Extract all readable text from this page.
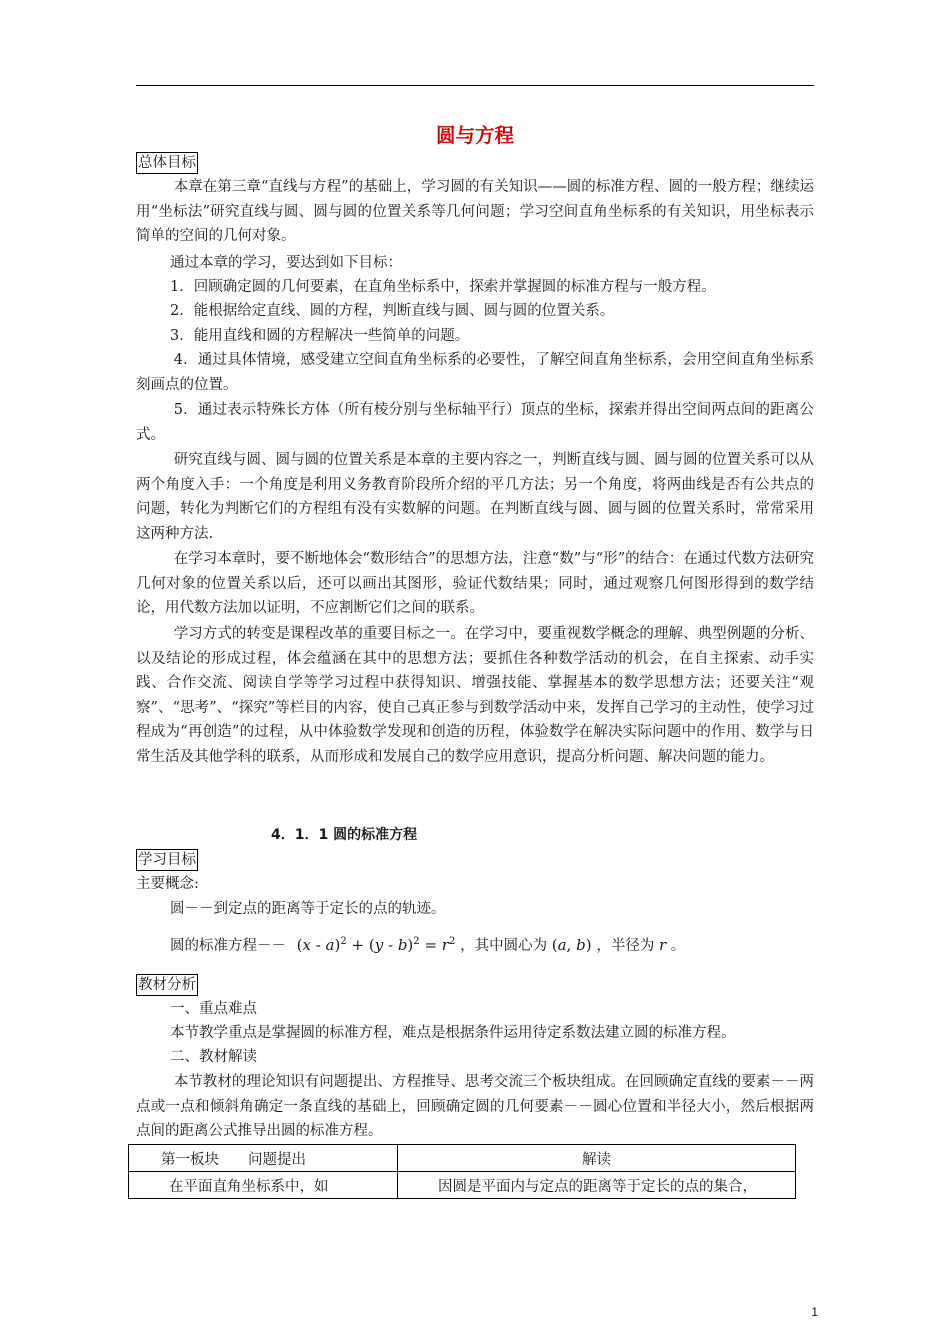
圆与方程
总体目标

本章在第三章“直线与方程”的基础上，学习圆的有关知识——圆的标准方程、圆的一般方程；继续运用“坐标法”研究直线与圆、圆与圆的位置关系等几何问题；学习空间直角坐标系的有关知识，用坐标表示简单的空间的几何对象。

通过本章的学习，要达到如下目标：
1．回顾确定圆的几何要素，在直角坐标系中，探索并掌握圆的标准方程与一般方程。
2．能根据给定直线、圆的方程，判断直线与圆、圆与圆的位置关系。
3．能用直线和圆的方程解决一些简单的问题。

4．通过具体情境，感受建立空间直角坐标系的必要性，了解空间直角坐标系，会用空间直角坐标系刻画点的位置。

5．通过表示特殊长方体（所有棱分别与坐标轴平行）顶点的坐标，探索并得出空间两点间的距离公式。

研究直线与圆、圆与圆的位置关系是本章的主要内容之一，判断直线与圆、圆与圆的位置关系可以从两个角度入手：一个角度是利用义务教育阶段所介绍的平几方法；另一个角度，将两曲线是否有公共点的问题，转化为判断它们的方程组有没有实数解的问题。在判断直线与圆、圆与圆的位置关系时，常常采用这两种方法.

在学习本章时，要不断地体会“数形结合”的思想方法，注意“数”与“形”的结合：在通过代数方法研究几何对象的位置关系以后，还可以画出其图形，验证代数结果；同时，通过观察几何图形得到的数学结论，用代数方法加以证明，不应割断它们之间的联系。

学习方式的转变是课程改革的重要目标之一。在学习中，要重视数学概念的理解、典型例题的分析、以及结论的形成过程，体会蕴涵在其中的思想方法；要抓住各种数学活动的机会，在自主探索、动手实践、合作交流、阅读自学等学习过程中获得知识、增强技能、掌握基本的数学思想方法；还要关注“观察”、“思考”、“探究”等栏目的内容，使自己真正参与到数学活动中来，发挥自己学习的主动性，使学习过程成为“再创造”的过程，从中体验数学发现和创造的历程，体验数学在解决实际问题中的作用、数学与日常生活及其他学科的联系，从而形成和发展自己的数学应用意识，提高分析问题、解决问题的能力。

4．1．1 圆的标准方程
学习目标
主要概念:
圆－－到定点的距离等于定长的点的轨迹。
圆的标准方程－－ $(x - a)^2 + (y - b)^2 = r^2$ ，其中圆心为 (a, b) ，半径为 r 。
教材分析
一、重点难点
本节教学重点是掌握圆的标准方程，难点是根据条件运用待定系数法建立圆的标准方程。
二、教材解读

本节教材的理论知识有问题提出、方程推导、思考交流三个板块组成。在回顾确定直线的要素－－两点或一点和倾斜角确定一条直线的基础上，回顾确定圆的几何要素－－圆心位置和半径大小，然后根据两点间的距离公式推导出圆的标准方程。

第一板块　　问题提出	解读
在平面直角坐标系中，如	因圆是平面内与定点的距离等于定长的点的集合，
1
